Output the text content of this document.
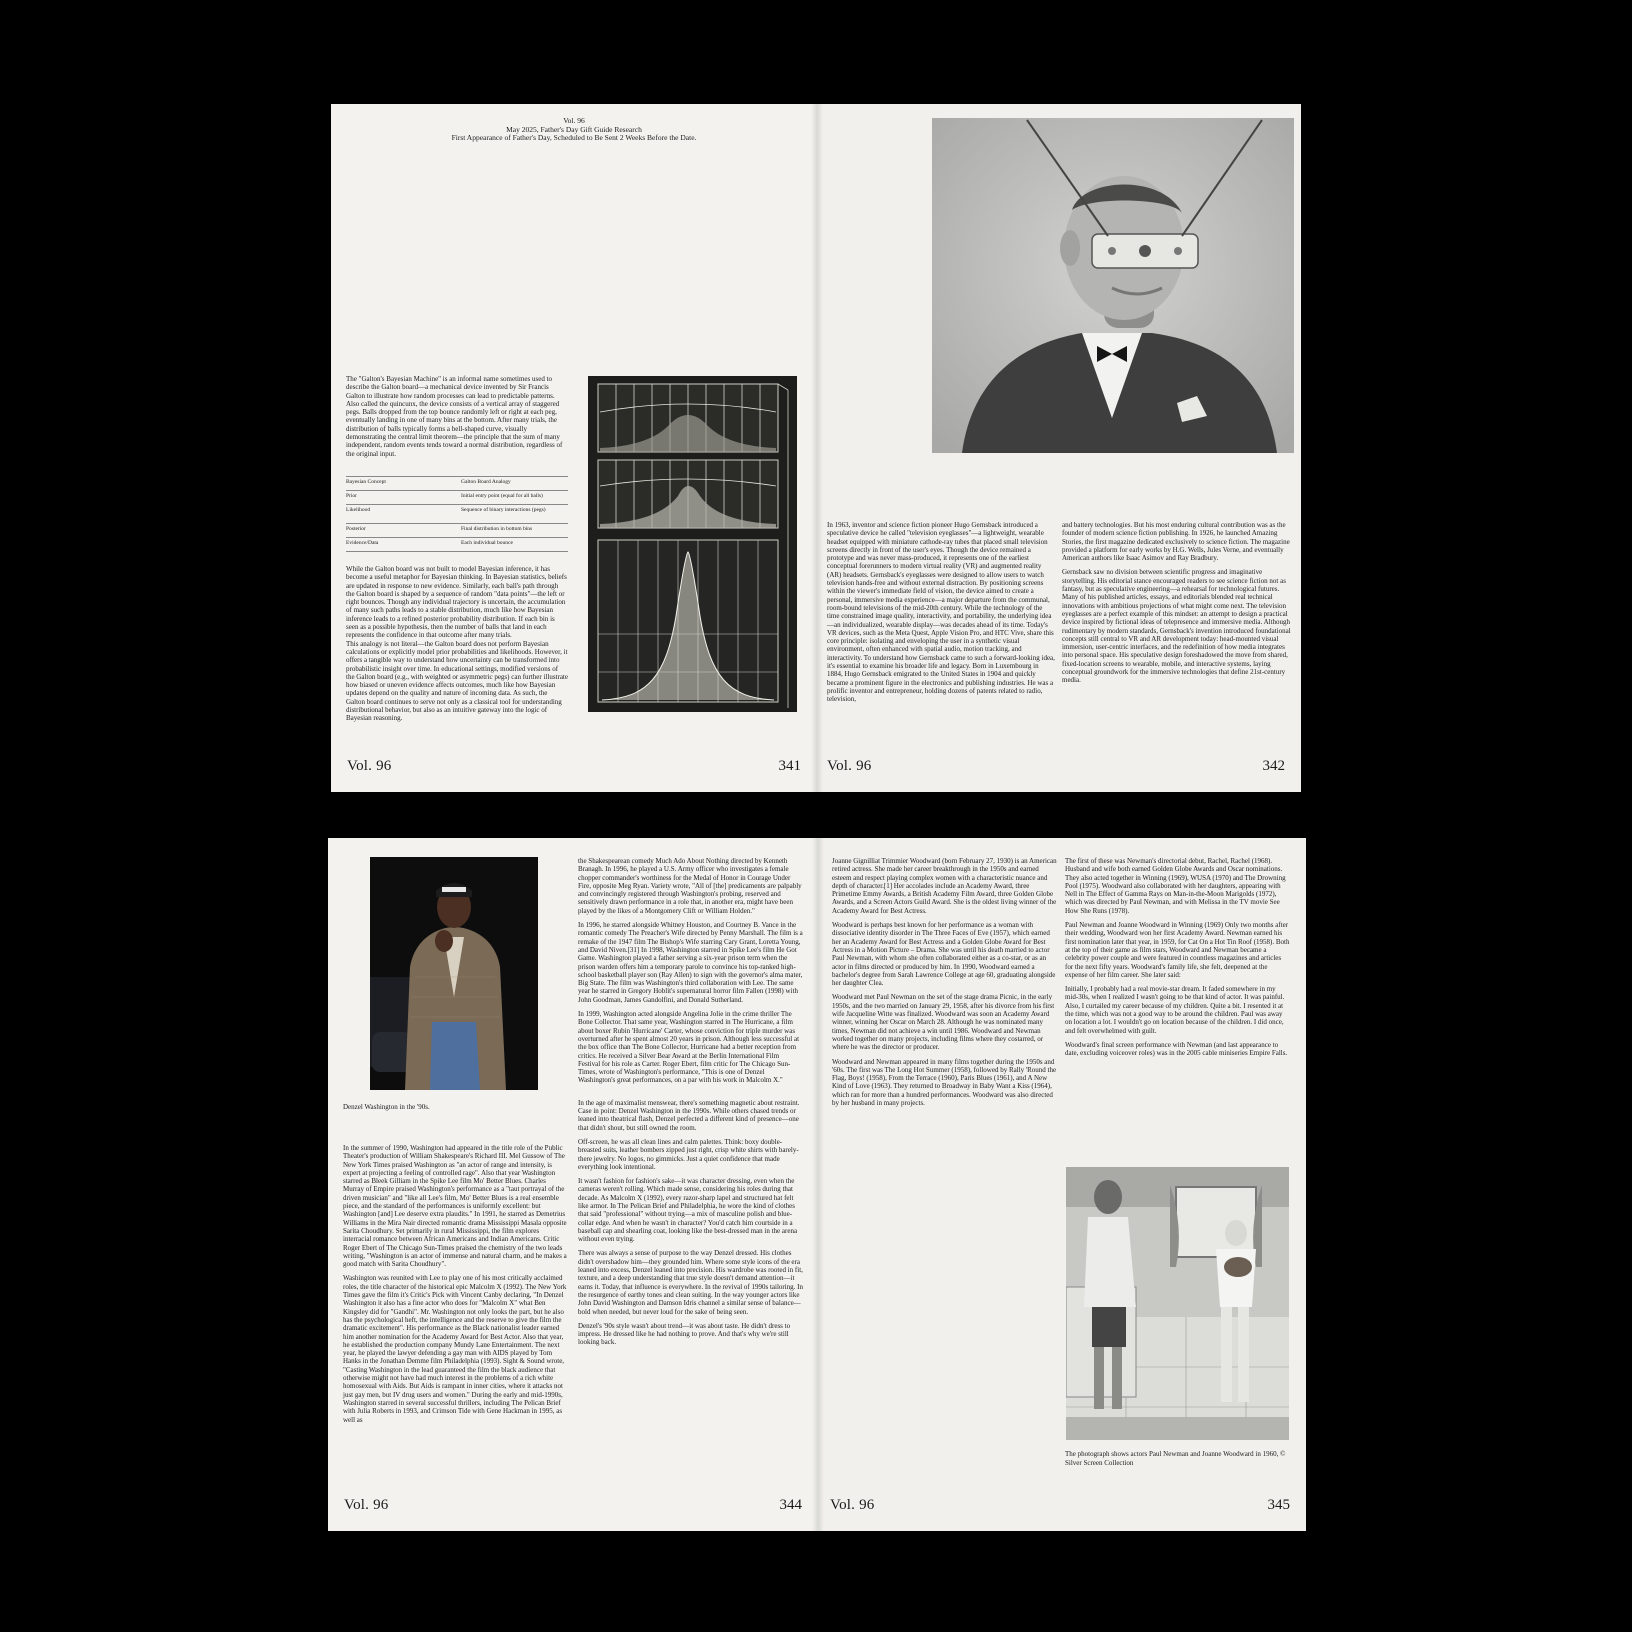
Vol. 96
May 2025, Father's Day Gift Guide Research
First Appearance of Father's Day, Scheduled to Be Sent 2 Weeks Before the Date.
The "Galton's Bayesian Machine" is an informal name sometimes used to describe the Galton board—a mechanical device invented by Sir Francis Galton to illustrate how random processes can lead to predictable patterns. Also called the quincunx, the device consists of a vertical array of staggered pegs. Balls dropped from the top bounce randomly left or right at each peg, eventually landing in one of many bins at the bottom. After many trials, the distribution of balls typically forms a bell-shaped curve, visually demonstrating the central limit theorem—the principle that the sum of many independent, random events tends toward a normal distribution, regardless of the original input.
Bayesian Concept	Galton Board Analogy
Prior	Initial entry point (equal for all balls)
Likelihood	Sequence of binary interactions (pegs)
Posterior	Final distribution in bottom bins
Evidence/Data	Each individual bounce
While the Galton board was not built to model Bayesian inference, it has become a useful metaphor for Bayesian thinking. In Bayesian statistics, beliefs are updated in response to new evidence. Similarly, each ball's path through the Galton board is shaped by a sequence of random "data points"—the left or right bounces. Though any individual trajectory is uncertain, the accumulation of many such paths leads to a stable distribution, much like how Bayesian inference leads to a refined posterior probability distribution. If each bin is seen as a possible hypothesis, then the number of balls that land in each represents the confidence in that outcome after many trials.
This analogy is not literal—the Galton board does not perform Bayesian calculations or explicitly model prior probabilities and likelihoods. However, it offers a tangible way to understand how uncertainty can be transformed into probabilistic insight over time. In educational settings, modified versions of the Galton board (e.g., with weighted or asymmetric pegs) can further illustrate how biased or uneven evidence affects outcomes, much like how Bayesian updates depend on the quality and nature of incoming data. As such, the Galton board continues to serve not only as a classical tool for understanding distributional behavior, but also as an intuitive gateway into the logic of Bayesian reasoning.
Vol. 96	341
In 1963, inventor and science fiction pioneer Hugo Gernsback introduced a speculative device he called "television eyeglasses"—a lightweight, wearable headset equipped with miniature cathode-ray tubes that placed small television screens directly in front of the user's eyes. Though the device remained a prototype and was never mass-produced, it represents one of the earliest conceptual forerunners to modern virtual reality (VR) and augmented reality (AR) headsets. Gernsback's eyeglasses were designed to allow users to watch television hands-free and without external distraction. By positioning screens within the viewer's immediate field of vision, the device aimed to create a personal, immersive media experience—a major departure from the communal, room-bound televisions of the mid-20th century. While the technology of the time constrained image quality, interactivity, and portability, the underlying idea—an individualized, wearable display—was decades ahead of its time. Today's VR devices, such as the Meta Quest, Apple Vision Pro, and HTC Vive, share this core principle: isolating and enveloping the user in a synthetic visual environment, often enhanced with spatial audio, motion tracking, and interactivity. To understand how Gernsback came to such a forward-looking idea, it's essential to examine his broader life and legacy. Born in Luxembourg in 1884, Hugo Gernsback emigrated to the United States in 1904 and quickly became a prominent figure in the electronics and publishing industries. He was a prolific inventor and entrepreneur, holding dozens of patents related to radio, television,

and battery technologies. But his most enduring cultural contribution was as the founder of modern science fiction publishing. In 1926, he launched Amazing Stories, the first magazine dedicated exclusively to science fiction. The magazine provided a platform for early works by H.G. Wells, Jules Verne, and eventually American authors like Isaac Asimov and Ray Bradbury.

Gernsback saw no division between scientific progress and imaginative storytelling. His editorial stance encouraged readers to see science fiction not as fantasy, but as speculative engineering—a rehearsal for technological futures. Many of his published articles, essays, and editorials blended real technical innovations with ambitious projections of what might come next. The television eyeglasses are a perfect example of this mindset: an attempt to design a practical device inspired by fictional ideas of telepresence and immersive media. Although rudimentary by modern standards, Gernsback's invention introduced foundational concepts still central to VR and AR development today: head-mounted visual immersion, user-centric interfaces, and the redefinition of how media integrates into personal space. His speculative design foreshadowed the move from shared, fixed-location screens to wearable, mobile, and interactive systems, laying conceptual groundwork for the immersive technologies that define 21st-century media.
Vol. 96	342
Denzel Washington in the '90s.

In the summer of 1990, Washington had appeared in the title role of the Public Theater's production of William Shakespeare's Richard III. Mel Gussow of The New York Times praised Washington as "an actor of range and intensity, is expert at projecting a feeling of controlled rage". Also that year Washington starred as Bleek Gilliam in the Spike Lee film Mo' Better Blues. Charles Murray of Empire praised Washington's performance as a "taut portrayal of the driven musician" and "like all Lee's film, Mo' Better Blues is a real ensemble piece, and the standard of the performances is uniformly excellent: but Washington [and] Lee deserve extra plaudits." In 1991, he starred as Demetrius Williams in the Mira Nair directed romantic drama Mississippi Masala opposite Sarita Choudhury. Set primarily in rural Mississippi, the film explores interracial romance between African Americans and Indian Americans. Critic Roger Ebert of The Chicago Sun-Times praised the chemistry of the two leads writing, "Washington is an actor of immense and natural charm, and he makes a good match with Sarita Choudhury".

Washington was reunited with Lee to play one of his most critically acclaimed roles, the title character of the historical epic Malcolm X (1992). The New York Times gave the film it's Critic's Pick with Vincent Canby declaring, "In Denzel Washington it also has a fine actor who does for "Malcolm X" what Ben Kingsley did for "Gandhi". Mr. Washington not only looks the part, but he also has the psychological heft, the intelligence and the reserve to give the film the dramatic excitement". His performance as the Black nationalist leader earned him another nomination for the Academy Award for Best Actor. Also that year, he established the production company Mundy Lane Entertainment. The next year, he played the lawyer defending a gay man with AIDS played by Tom Hanks in the Jonathan Demme film Philadelphia (1993). Sight & Sound wrote, "Casting Washington in the lead guaranteed the film the black audience that otherwise might not have had much interest in the problems of a rich white homosexual with Aids. But Aids is rampant in inner cities, where it attacks not just gay men, but IV drug users and women." During the early and mid-1990s, Washington starred in several successful thrillers, including The Pelican Brief with Julia Roberts in 1993, and Crimson Tide with Gene Hackman in 1995, as well as

the Shakespearean comedy Much Ado About Nothing directed by Kenneth Branagh. In 1996, he played a U.S. Army officer who investigates a female chopper commander's worthiness for the Medal of Honor in Courage Under Fire, opposite Meg Ryan. Variety wrote, "All of [the] predicaments are palpably and convincingly registered through Washington's probing, reserved and sensitively drawn performance in a role that, in another era, might have been played by the likes of a Montgomery Clift or William Holden."

In 1996, he starred alongside Whitney Houston, and Courtney B. Vance in the romantic comedy The Preacher's Wife directed by Penny Marshall. The film is a remake of the 1947 film The Bishop's Wife starring Cary Grant, Loretta Young, and David Niven.[31] In 1998, Washington starred in Spike Lee's film He Got Game. Washington played a father serving a six-year prison term when the prison warden offers him a temporary parole to convince his top-ranked high-school basketball player son (Ray Allen) to sign with the governor's alma mater, Big State. The film was Washington's third collaboration with Lee. The same year he starred in Gregory Hoblit's supernatural horror film Fallen (1998) with John Goodman, James Gandolfini, and Donald Sutherland.

In 1999, Washington acted alongside Angelina Jolie in the crime thriller The Bone Collector. That same year, Washington starred in The Hurricane, a film about boxer Rubin 'Hurricane' Carter, whose conviction for triple murder was overturned after he spent almost 20 years in prison. Although less successful at the box office than The Bone Collector, Hurricane had a better reception from critics. He received a Silver Bear Award at the Berlin International Film Festival for his role as Carter. Roger Ebert, film critic for The Chicago Sun-Times, wrote of Washington's performance, "This is one of Denzel Washington's great performances, on a par with his work in Malcolm X."

In the age of maximalist menswear, there's something magnetic about restraint. Case in point: Denzel Washington in the 1990s. While others chased trends or leaned into theatrical flash, Denzel perfected a different kind of presence—one that didn't shout, but still owned the room.

Off-screen, he was all clean lines and calm palettes. Think: boxy double-breasted suits, leather bombers zipped just right, crisp white shirts with barely-there jewelry. No logos, no gimmicks. Just a quiet confidence that made everything look intentional.

It wasn't fashion for fashion's sake—it was character dressing, even when the cameras weren't rolling. Which made sense, considering his roles during that decade. As Malcolm X (1992), every razor-sharp lapel and structured hat felt like armor. In The Pelican Brief and Philadelphia, he wore the kind of clothes that said "professional" without trying—a mix of masculine polish and blue-collar edge. And when he wasn't in character? You'd catch him courtside in a baseball cap and shearling coat, looking like the best-dressed man in the arena without even trying.

There was always a sense of purpose to the way Denzel dressed. His clothes didn't overshadow him—they grounded him. Where some style icons of the era leaned into excess, Denzel leaned into precision. His wardrobe was rooted in fit, texture, and a deep understanding that true style doesn't demand attention—it earns it. Today, that influence is everywhere. In the revival of 1990s tailoring. In the resurgence of earthy tones and clean suiting. In the way younger actors like John David Washington and Damson Idris channel a similar sense of balance—bold when needed, but never loud for the sake of being seen.

Denzel's '90s style wasn't about trend—it was about taste. He didn't dress to impress. He dressed like he had nothing to prove. And that's why we're still looking back.

Vol. 96	344

Joanne Gignilliat Trimmier Woodward (born February 27, 1930) is an American retired actress. She made her career breakthrough in the 1950s and earned esteem and respect playing complex women with a characteristic nuance and depth of character.[1] Her accolades include an Academy Award, three Primetime Emmy Awards, a British Academy Film Award, three Golden Globe Awards, and a Screen Actors Guild Award. She is the oldest living winner of the Academy Award for Best Actress.

Woodward is perhaps best known for her performance as a woman with dissociative identity disorder in The Three Faces of Eve (1957), which earned her an Academy Award for Best Actress and a Golden Globe Award for Best Actress in a Motion Picture – Drama. She was until his death married to actor Paul Newman, with whom she often collaborated either as a co-star, or as an actor in films directed or produced by him. In 1990, Woodward earned a bachelor's degree from Sarah Lawrence College at age 60, graduating alongside her daughter Clea.

Woodward met Paul Newman on the set of the stage drama Picnic, in the early 1950s, and the two married on January 29, 1958, after his divorce from his first wife Jacqueline Witte was finalized. Woodward was soon an Academy Award winner, winning her Oscar on March 28. Although he was nominated many times, Newman did not achieve a win until 1986. Woodward and Newman worked together on many projects, including films where they costarred, or where he was the director or producer.

Woodward and Newman appeared in many films together during the 1950s and '60s. The first was The Long Hot Summer (1958), followed by Rally 'Round the Flag, Boys! (1958), From the Terrace (1960), Paris Blues (1961), and A New Kind of Love (1963). They returned to Broadway in Baby Want a Kiss (1964), which ran for more than a hundred performances. Woodward was also directed by her husband in many projects.

The first of these was Newman's directorial debut, Rachel, Rachel (1968). Husband and wife both earned Golden Globe Awards and Oscar nominations. They also acted together in Winning (1969), WUSA (1970) and The Drowning Pool (1975). Woodward also collaborated with her daughters, appearing with Nell in The Effect of Gamma Rays on Man-in-the-Moon Marigolds (1972), which was directed by Paul Newman, and with Melissa in the TV movie See How She Runs (1978).

Paul Newman and Joanne Woodward in Winning (1969) Only two months after their wedding, Woodward won her first Academy Award. Newman earned his first nomination later that year, in 1959, for Cat On a Hot Tin Roof (1958). Both at the top of their game as film stars, Woodward and Newman became a celebrity power couple and were featured in countless magazines and articles for the next fifty years. Woodward's family life, she felt, deepened at the expense of her film career. She later said:

Initially, I probably had a real movie-star dream. It faded somewhere in my mid-30s, when I realized I wasn't going to be that kind of actor. It was painful. Also, I curtailed my career because of my children. Quite a bit. I resented it at the time, which was not a good way to be around the children. Paul was away on location a lot. I wouldn't go on location because of the children. I did once, and felt overwhelmed with guilt.

Woodward's final screen performance with Newman (and last appearance to date, excluding voiceover roles) was in the 2005 cable miniseries Empire Falls.
The photograph shows actors Paul Newman and Joanne Woodward in 1960, © Silver Screen Collection
Vol. 96	345
